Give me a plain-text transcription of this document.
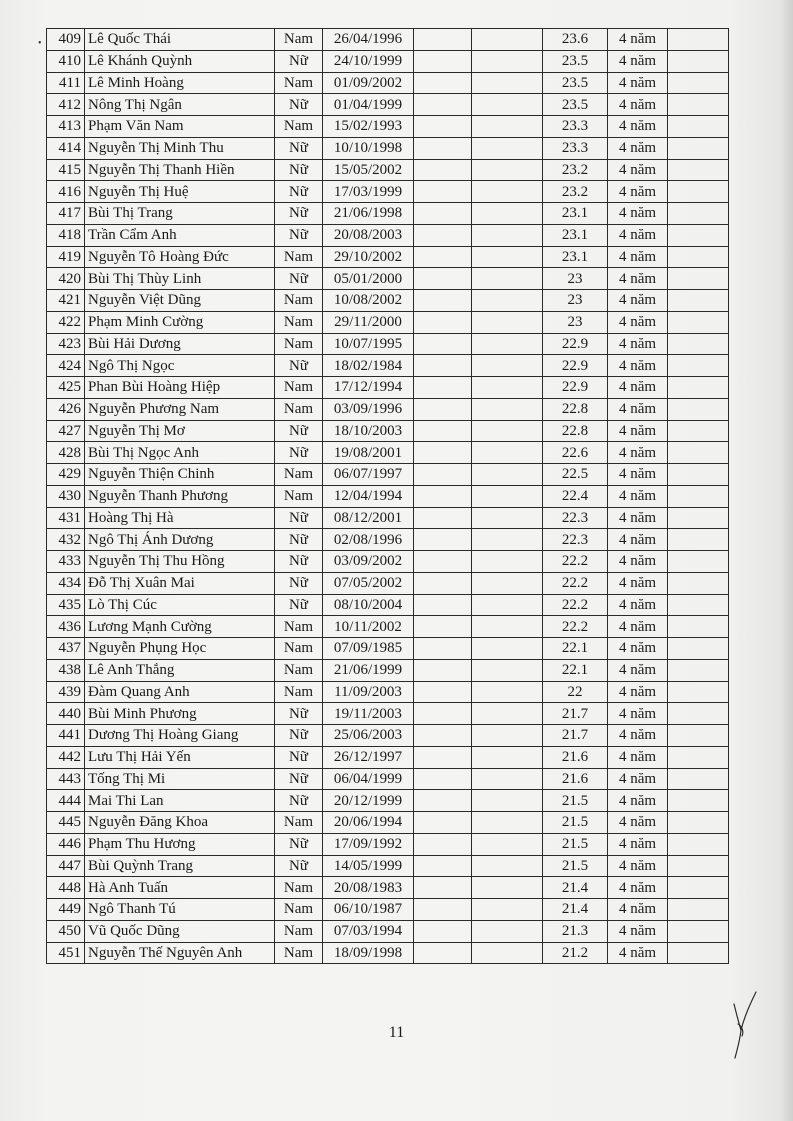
• 409	Lê Quốc Thái	Nam	26/04/1996			23.6	4 năm	
410	Lê Khánh Quỳnh	Nữ	24/10/1999			23.5	4 năm	
411	Lê Minh Hoàng	Nam	01/09/2002			23.5	4 năm	
412	Nông Thị Ngân	Nữ	01/04/1999			23.5	4 năm	
413	Phạm Văn Nam	Nam	15/02/1993			23.3	4 năm	
414	Nguyễn Thị Minh Thu	Nữ	10/10/1998			23.3	4 năm	
415	Nguyễn Thị Thanh Hiền	Nữ	15/05/2002			23.2	4 năm	
416	Nguyễn Thị Huệ	Nữ	17/03/1999			23.2	4 năm	
417	Bùi Thị Trang	Nữ	21/06/1998			23.1	4 năm	
418	Trần Cẩm Anh	Nữ	20/08/2003			23.1	4 năm	
419	Nguyễn Tô Hoàng Đức	Nam	29/10/2002			23.1	4 năm	
420	Bùi Thị Thùy Linh	Nữ	05/01/2000			23	4 năm	
421	Nguyễn Việt Dũng	Nam	10/08/2002			23	4 năm	
422	Phạm Minh Cường	Nam	29/11/2000			23	4 năm	
423	Bùi Hải Dương	Nam	10/07/1995			22.9	4 năm	
424	Ngô Thị Ngọc	Nữ	18/02/1984			22.9	4 năm	
425	Phan Bùi Hoàng Hiệp	Nam	17/12/1994			22.9	4 năm	
426	Nguyễn Phương Nam	Nam	03/09/1996			22.8	4 năm	
427	Nguyễn Thị Mơ	Nữ	18/10/2003			22.8	4 năm	
428	Bùi Thị Ngọc Anh	Nữ	19/08/2001			22.6	4 năm	
429	Nguyễn Thiện Chinh	Nam	06/07/1997			22.5	4 năm	
430	Nguyễn Thanh Phương	Nam	12/04/1994			22.4	4 năm	
431	Hoàng Thị Hà	Nữ	08/12/2001			22.3	4 năm	
432	Ngô Thị Ánh Dương	Nữ	02/08/1996			22.3	4 năm	
433	Nguyễn Thị Thu Hồng	Nữ	03/09/2002			22.2	4 năm	
434	Đỗ Thị Xuân Mai	Nữ	07/05/2002			22.2	4 năm	
435	Lò Thị Cúc	Nữ	08/10/2004			22.2	4 năm	
436	Lương Mạnh Cường	Nam	10/11/2002			22.2	4 năm	
437	Nguyễn Phụng Học	Nam	07/09/1985			22.1	4 năm	
438	Lê Anh Thắng	Nam	21/06/1999			22.1	4 năm	
439	Đàm Quang Anh	Nam	11/09/2003			22	4 năm	
440	Bùi Minh Phương	Nữ	19/11/2003			21.7	4 năm	
441	Dương Thị Hoàng Giang	Nữ	25/06/2003			21.7	4 năm	
442	Lưu Thị Hải Yến	Nữ	26/12/1997			21.6	4 năm	
443	Tống Thị Mi	Nữ	06/04/1999			21.6	4 năm	
444	Mai Thi Lan	Nữ	20/12/1999			21.5	4 năm	
445	Nguyễn Đăng Khoa	Nam	20/06/1994			21.5	4 năm	
446	Phạm Thu Hương	Nữ	17/09/1992			21.5	4 năm	
447	Bùi Quỳnh Trang	Nữ	14/05/1999			21.5	4 năm	
448	Hà Anh Tuấn	Nam	20/08/1983			21.4	4 năm	
449	Ngô Thanh Tú	Nam	06/10/1987			21.4	4 năm	
450	Vũ Quốc Dũng	Nam	07/03/1994			21.3	4 năm	
451	Nguyễn Thế Nguyên Anh	Nam	18/09/1998			21.2	4 năm	
11
